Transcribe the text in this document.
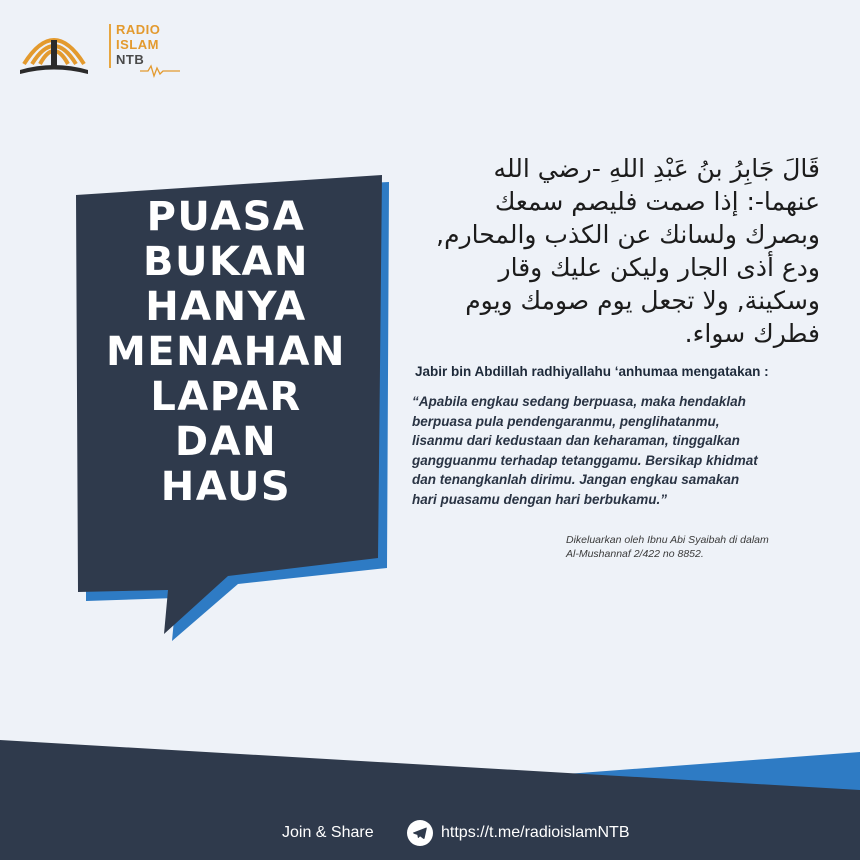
RADIO
ISLAM
NTB
PUASA
BUKAN
HANYA
MENAHAN
LAPAR
DAN
HAUS
قَالَ جَابِرُ بنُ عَبْدِ اللهِ -رضي الله
عنهما-: إذا صمت فليصم سمعك
وبصرك ولسانك عن الكذب والمحارم,
ودع أذى الجار وليكن عليك وقار
وسكينة, ولا تجعل يوم صومك ويوم
فطرك سواء.
Jabir bin Abdillah radhiyallahu ‘anhumaa mengatakan :
“Apabila engkau sedang berpuasa, maka hendaklah
berpuasa pula pendengaranmu, penglihatanmu,
lisanmu dari kedustaan dan keharaman, tinggalkan
gangguanmu terhadap tetanggamu. Bersikap khidmat
dan tenangkanlah dirimu. Jangan engkau samakan
hari puasamu dengan hari berbukamu.”
Dikeluarkan oleh Ibnu Abi Syaibah di dalam
Al-Mushannaf 2/422 no 8852.
Join & Share	https://t.me/radioislamNTB
